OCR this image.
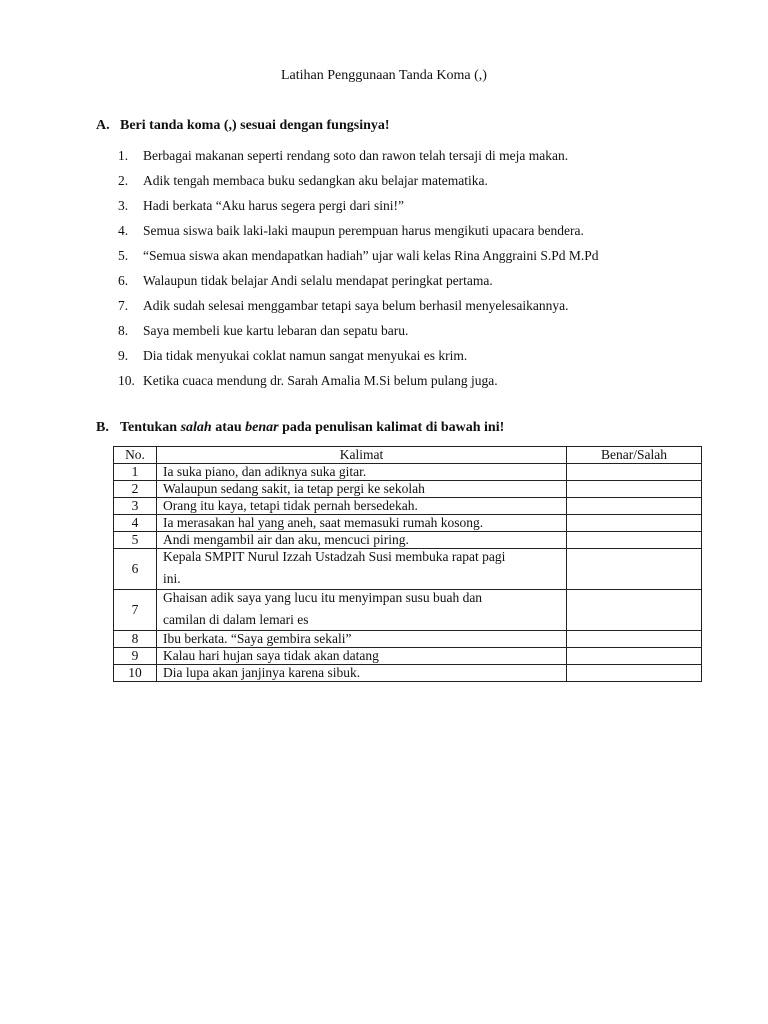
Latihan Penggunaan Tanda Koma (,)
A. Beri tanda koma (,) sesuai dengan fungsinya!
1.	Berbagai makanan seperti rendang soto dan rawon telah tersaji di meja makan.
2.	Adik tengah membaca buku sedangkan aku belajar matematika.
3.	Hadi berkata “Aku harus segera pergi dari sini!”
4.	Semua siswa baik laki-laki maupun perempuan harus mengikuti upacara bendera.
5.	“Semua siswa akan mendapatkan hadiah” ujar wali kelas Rina Anggraini S.Pd M.Pd
6.	Walaupun tidak belajar Andi selalu mendapat peringkat pertama.
7.	Adik sudah selesai menggambar tetapi saya belum berhasil menyelesaikannya.
8.	Saya membeli kue kartu lebaran dan sepatu baru.
9.	Dia tidak menyukai coklat namun sangat menyukai es krim.
10. Ketika cuaca mendung dr. Sarah Amalia M.Si belum pulang juga.
B. Tentukan salah atau benar pada penulisan kalimat di bawah ini!
No.	Kalimat	Benar/Salah
1	Ia suka piano, dan adiknya suka gitar.	

2	Walaupun sedang sakit, ia tetap pergi ke sekolah	

3	Orang itu kaya, tetapi tidak pernah bersedekah.	

4	Ia merasakan hal yang aneh, saat memasuki rumah kosong.	

5	Andi mengambil air dan aku, mencuci piring.	

6	Kepala SMPIT Nurul Izzah Ustadzah Susi membuka rapat pagi
ini.	

7	Ghaisan adik saya yang lucu itu menyimpan susu buah dan
camilan di dalam lemari es	

8	Ibu berkata. “Saya gembira sekali”	

9	Kalau hari hujan saya tidak akan datang	

10	Dia lupa akan janjinya karena sibuk.	
